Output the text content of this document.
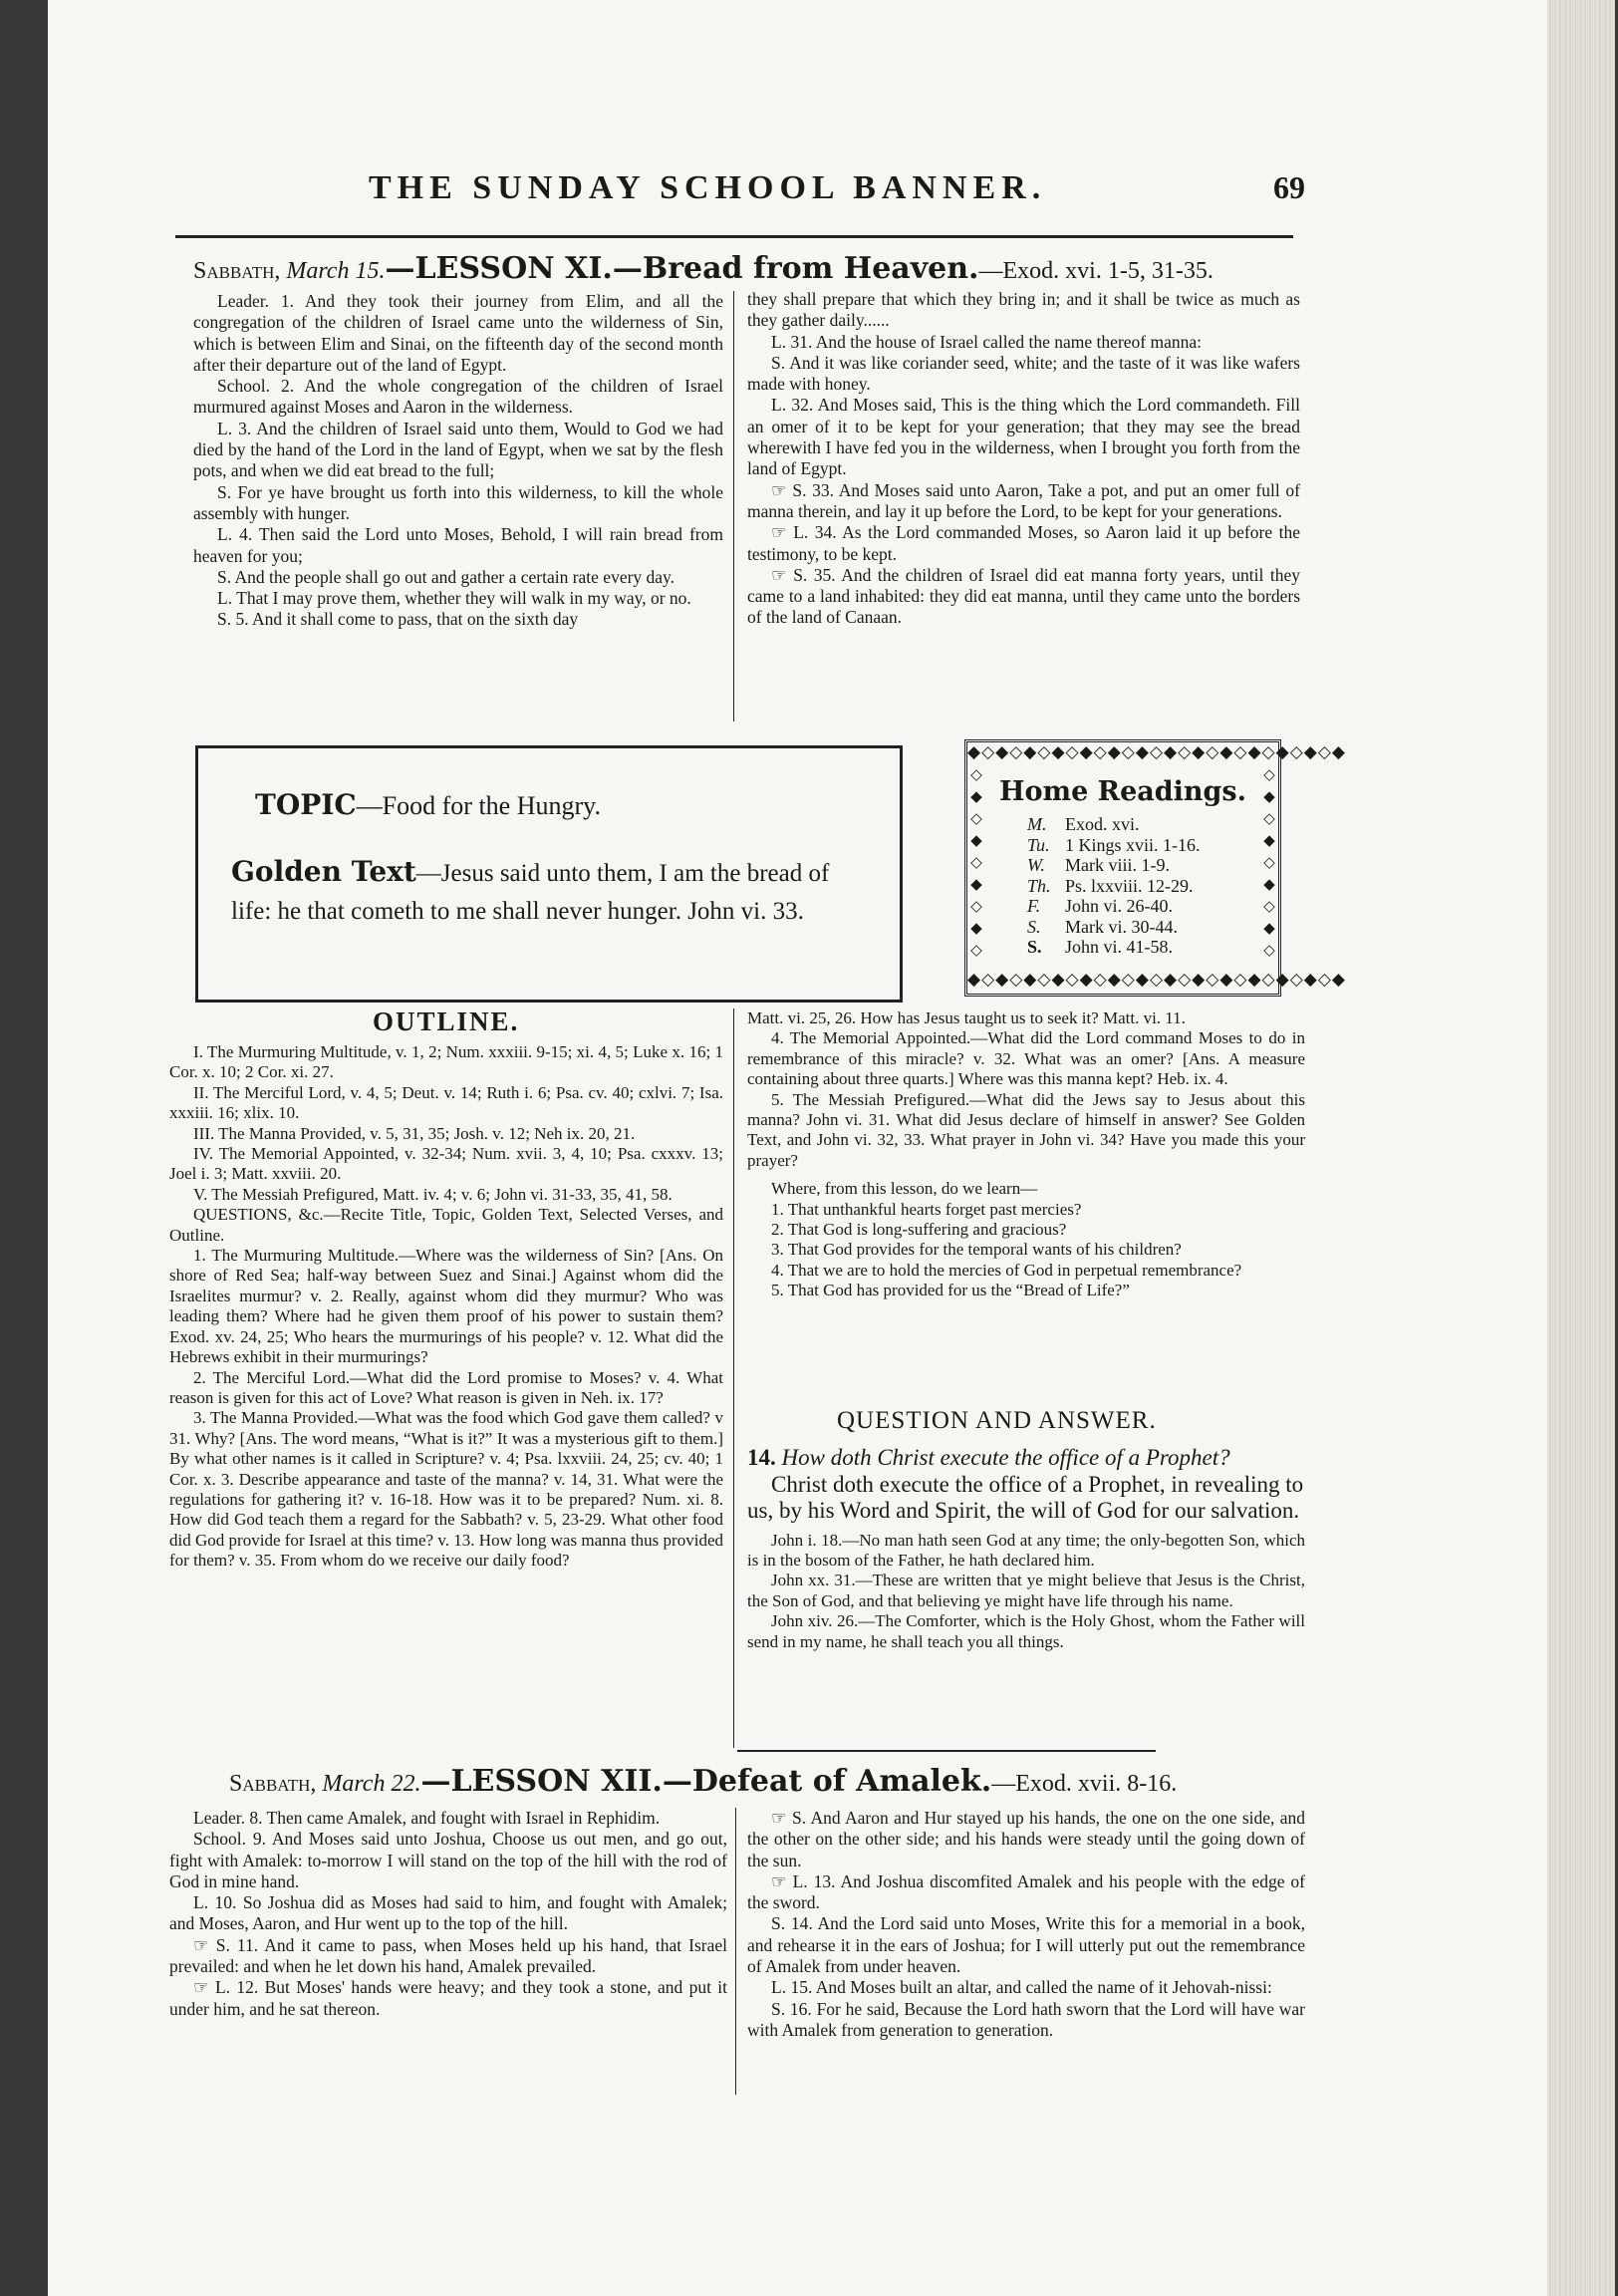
THE SUNDAY SCHOOL BANNER.	69
Sabbath, March 15.—LESSON XI.—Bread from Heaven.—Exod. xvi. 1-5, 31-35.

Leader. 1. And they took their journey from Elim, and all the congregation of the children of Israel came unto the wilderness of Sin, which is between Elim and Sinai, on the fifteenth day of the second month after their departure out of the land of Egypt.

School. 2. And the whole congregation of the children of Israel murmured against Moses and Aaron in the wilderness.

L. 3. And the children of Israel said unto them, Would to God we had died by the hand of the Lord in the land of Egypt, when we sat by the flesh pots, and when we did eat bread to the full;

S. For ye have brought us forth into this wilderness, to kill the whole assembly with hunger.

L. 4. Then said the Lord unto Moses, Behold, I will rain bread from heaven for you;

S. And the people shall go out and gather a certain rate every day.

L. That I may prove them, whether they will walk in my way, or no.

S. 5. And it shall come to pass, that on the sixth day

they shall prepare that which they bring in; and it shall be twice as much as they gather daily......

L. 31. And the house of Israel called the name thereof manna:

S. And it was like coriander seed, white; and the taste of it was like wafers made with honey.

L. 32. And Moses said, This is the thing which the Lord commandeth. Fill an omer of it to be kept for your generation; that they may see the bread wherewith I have fed you in the wilderness, when I brought you forth from the land of Egypt.

☞ S. 33. And Moses said unto Aaron, Take a pot, and put an omer full of manna therein, and lay it up before the Lord, to be kept for your generations.

☞ L. 34. As the Lord commanded Moses, so Aaron laid it up before the testimony, to be kept.

☞ S. 35. And the children of Israel did eat manna forty years, until they came to a land inhabited: they did eat manna, until they came unto the borders of the land of Canaan.

TOPIC—Food for the Hungry.
Golden Text—Jesus said unto them, I am the bread of life: he that cometh to me shall never hunger. John vi. 33.
◆◇◆◇◆◇◆◇◆◇◆◇◆◇◆◇◆◇◆◇◆◇◆◇◆◇◆
◆◇◆◇◆◇◆◇◆◇◆◇◆◇◆◇◆◇◆◇◆◇◆◇◆◇◆
◇
◆
◇
◆
◇
◆
◇
◆
◇
◇
◆
◇
◆
◇
◆
◇
◆
◇
Home Readings.
M. Exod. xvi.
Tu. 1 Kings xvii. 1-16.
W. Mark viii. 1-9.
Th. Ps. lxxviii. 12-29.
F. John vi. 26-40.
S. Mark vi. 30-44.
S. John vi. 41-58.
OUTLINE.

I. The Murmuring Multitude, v. 1, 2; Num. xxxiii. 9-15; xi. 4, 5; Luke x. 16; 1 Cor. x. 10; 2 Cor. xi. 27.

II. The Merciful Lord, v. 4, 5; Deut. v. 14; Ruth i. 6; Psa. cv. 40; cxlvi. 7; Isa. xxxiii. 16; xlix. 10.

III. The Manna Provided, v. 5, 31, 35; Josh. v. 12; Neh ix. 20, 21.

IV. The Memorial Appointed, v. 32-34; Num. xvii. 3, 4, 10; Psa. cxxxv. 13; Joel i. 3; Matt. xxviii. 20.

V. The Messiah Prefigured, Matt. iv. 4; v. 6; John vi. 31-33, 35, 41, 58.

QUESTIONS, &c.—Recite Title, Topic, Golden Text, Selected Verses, and Outline.

1. The Murmuring Multitude.—Where was the wilderness of Sin? [Ans. On shore of Red Sea; half-way between Suez and Sinai.] Against whom did the Israelites murmur? v. 2. Really, against whom did they murmur? Who was leading them? Where had he given them proof of his power to sustain them? Exod. xv. 24, 25; Who hears the murmurings of his people? v. 12. What did the Hebrews exhibit in their murmurings?

2. The Merciful Lord.—What did the Lord promise to Moses? v. 4. What reason is given for this act of Love? What reason is given in Neh. ix. 17?

3. The Manna Provided.—What was the food which God gave them called? v 31. Why? [Ans. The word means, “What is it?” It was a mysterious gift to them.] By what other names is it called in Scripture? v. 4; Psa. lxxviii. 24, 25; cv. 40; 1 Cor. x. 3. Describe appearance and taste of the manna? v. 14, 31. What were the regulations for gathering it? v. 16-18. How was it to be prepared? Num. xi. 8. How did God teach them a regard for the Sabbath? v. 5, 23-29. What other food did God provide for Israel at this time? v. 13. How long was manna thus provided for them? v. 35. From whom do we receive our daily food?

Matt. vi. 25, 26. How has Jesus taught us to seek it? Matt. vi. 11.

4. The Memorial Appointed.—What did the Lord command Moses to do in remembrance of this miracle? v. 32. What was an omer? [Ans. A measure containing about three quarts.] Where was this manna kept? Heb. ix. 4.

5. The Messiah Prefigured.—What did the Jews say to Jesus about this manna? John vi. 31. What did Jesus declare of himself in answer? See Golden Text, and John vi. 32, 33. What prayer in John vi. 34? Have you made this your prayer?

Where, from this lesson, do we learn—

1. That unthankful hearts forget past mercies?

2. That God is long-suffering and gracious?

3. That God provides for the temporal wants of his children?

4. That we are to hold the mercies of God in perpetual remembrance?

5. That God has provided for us the “Bread of Life?”

QUESTION AND ANSWER.

14. How doth Christ execute the office of a Prophet?

Christ doth execute the office of a Prophet, in revealing to us, by his Word and Spirit, the will of God for our salvation.

John i. 18.—No man hath seen God at any time; the only-begotten Son, which is in the bosom of the Father, he hath declared him.

John xx. 31.—These are written that ye might believe that Jesus is the Christ, the Son of God, and that believing ye might have life through his name.

John xiv. 26.—The Comforter, which is the Holy Ghost, whom the Father will send in my name, he shall teach you all things.

Sabbath, March 22.—LESSON XII.—Defeat of Amalek.—Exod. xvii. 8-16.

Leader. 8. Then came Amalek, and fought with Israel in Rephidim.

School. 9. And Moses said unto Joshua, Choose us out men, and go out, fight with Amalek: to-morrow I will stand on the top of the hill with the rod of God in mine hand.

L. 10. So Joshua did as Moses had said to him, and fought with Amalek; and Moses, Aaron, and Hur went up to the top of the hill.

☞ S. 11. And it came to pass, when Moses held up his hand, that Israel prevailed: and when he let down his hand, Amalek prevailed.

☞ L. 12. But Moses' hands were heavy; and they took a stone, and put it under him, and he sat thereon.

☞ S. And Aaron and Hur stayed up his hands, the one on the one side, and the other on the other side; and his hands were steady until the going down of the sun.

☞ L. 13. And Joshua discomfited Amalek and his people with the edge of the sword.

S. 14. And the Lord said unto Moses, Write this for a memorial in a book, and rehearse it in the ears of Joshua; for I will utterly put out the remembrance of Amalek from under heaven.

L. 15. And Moses built an altar, and called the name of it Jehovah-nissi:

S. 16. For he said, Because the Lord hath sworn that the Lord will have war with Amalek from generation to generation.
